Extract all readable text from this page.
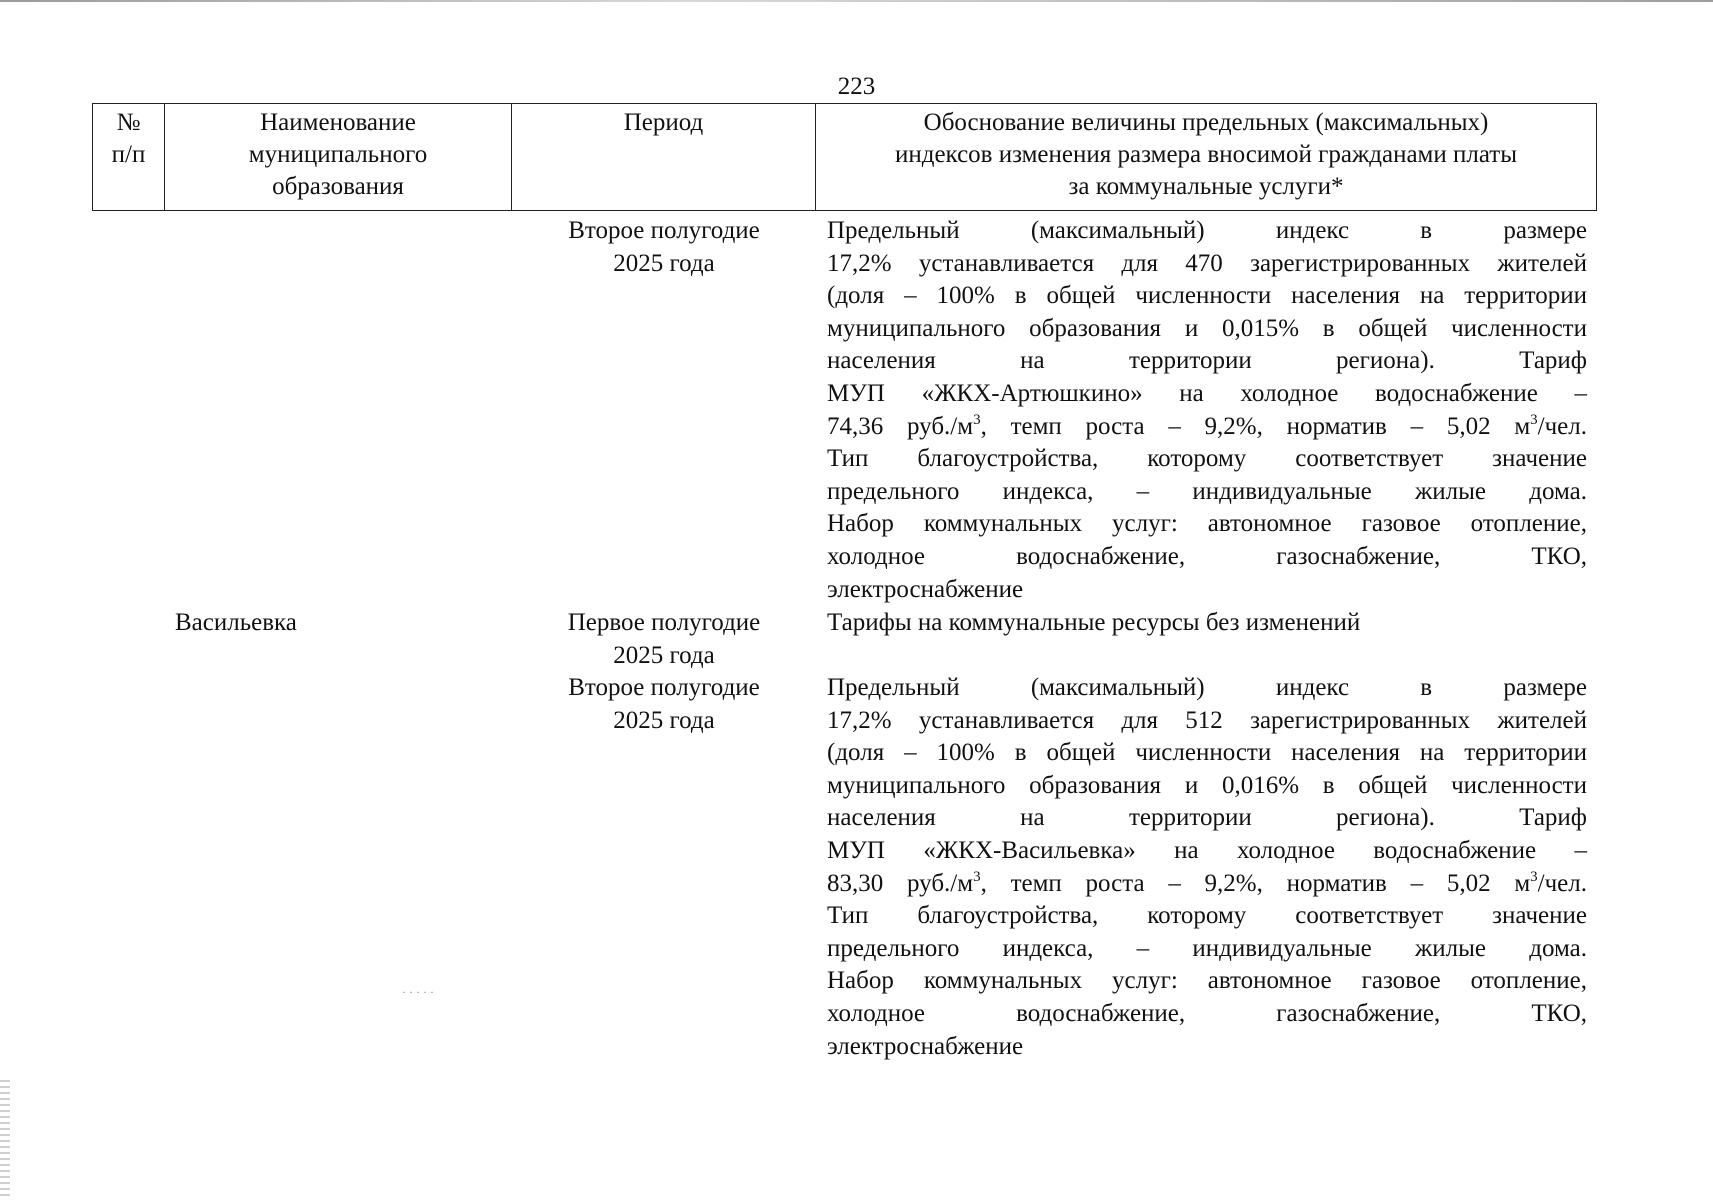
223
№
п/п
Наименование
муниципального
образования
Период	Обоснование величины предельных (максимальных)
индексов изменения размера вносимой гражданами платы
за коммунальные услуги*
Второе полугодие
2025 года
Предельный (максимальный) индекс в размере
17,2% устанавливается для 470 зарегистрированных жителей
(доля – 100% в общей численности населения на территории
муниципального образования и 0,015% в общей численности
населения на территории региона). Тариф
МУП «ЖКХ-Артюшкино» на холодное водоснабжение –
74,36 $руб./м^3$, темп роста – 9,2%, норматив – 5,02 $м^3$/чел.
Тип благоустройства, которому соответствует значение
предельного индекса, – индивидуальные жилые дома.
Набор коммунальных услуг: автономное газовое отопление,
холодное водоснабжение, газоснабжение, ТКО,
электроснабжение
Васильевка	Первое полугодие
2025 года
Тарифы на коммунальные ресурсы без изменений
Второе полугодие
2025 года
Предельный (максимальный) индекс в размере
17,2% устанавливается для 512 зарегистрированных жителей
(доля – 100% в общей численности населения на территории
муниципального образования и 0,016% в общей численности
населения на территории региона). Тариф
МУП «ЖКХ-Васильевка» на холодное водоснабжение –
83,30 $руб./м^3$, темп роста – 9,2%, норматив – 5,02 $м^3$/чел.
Тип благоустройства, которому соответствует значение
предельного индекса, – индивидуальные жилые дома.
Набор коммунальных услуг: автономное газовое отопление,
холодное водоснабжение, газоснабжение, ТКО,
электроснабжение
· · · · ·
